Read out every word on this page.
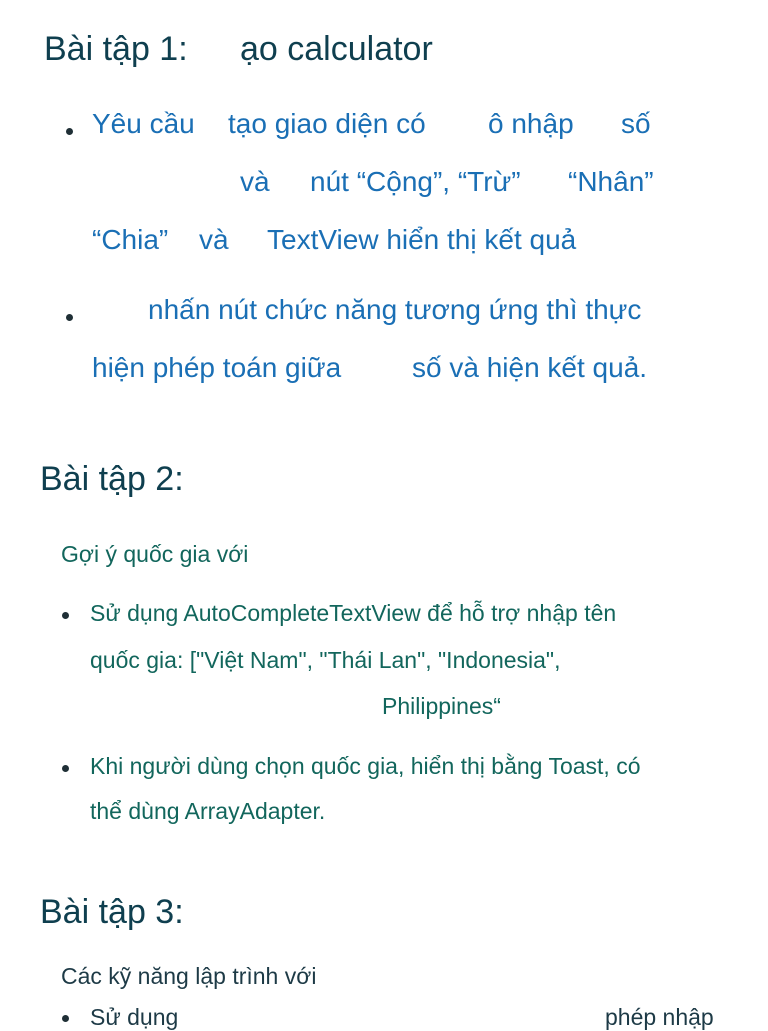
Bài tập 1: ạo calculator
Yêu cầu tạo giao diện có ô nhập số
và nút “Cộng”, “Trừ” “Nhân”
“Chia” và TextView hiển thị kết quả
nhấn nút chức năng tương ứng thì thực
hiện phép toán giữa	số và hiện kết quả.
Bài tập 2:
Gợi ý quốc gia với
Sử dụng AutoCompleteTextView để hỗ trợ nhập tên
quốc gia: ["Việt Nam", "Thái Lan", "Indonesia",
Philippines“
Khi người dùng chọn quốc gia, hiển thị bằng Toast, có
thể dùng ArrayAdapter.
Bài tập 3:
Các kỹ năng lập trình với
Sử dụng	phép nhập
